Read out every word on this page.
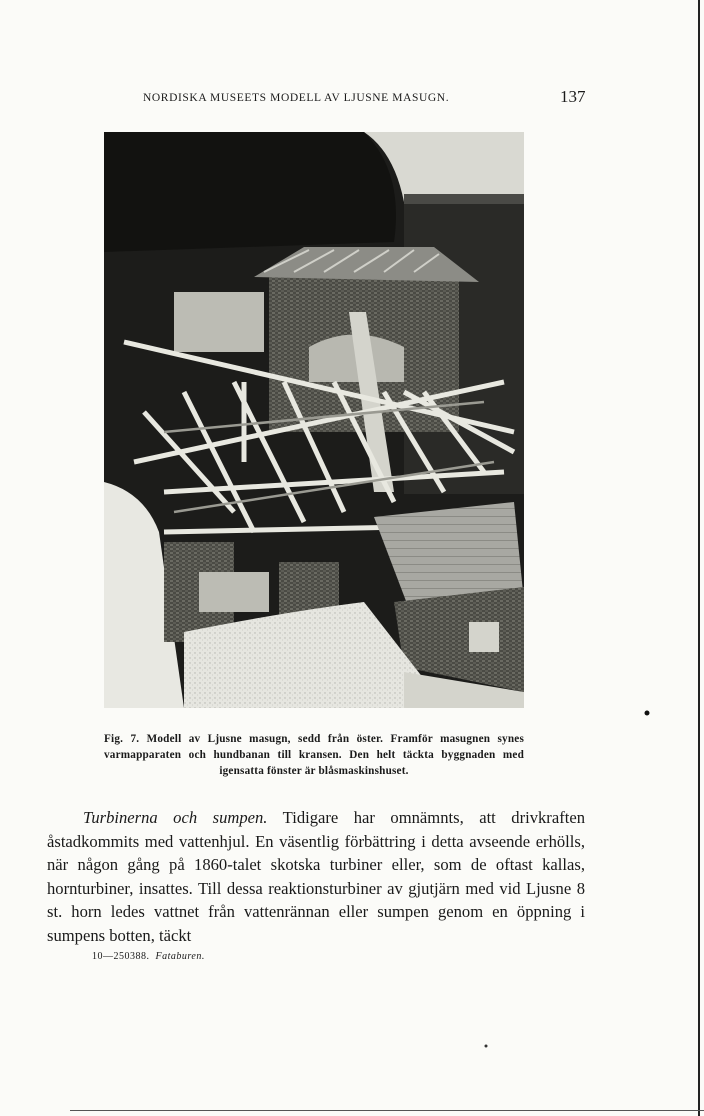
NORDISKA MUSEETS MODELL AV LJUSNE MASUGN.	137
Fig. 7. Modell av Ljusne masugn, sedd från öster. Framför masugnen synes varmapparaten och hundbanan till kransen. Den helt täckta byggnaden med igensatta fönster är blåsmaskinshuset.

Turbinerna och sumpen. Tidigare har omnämnts, att drivkraften åstadkommits med vattenhjul. En väsentlig förbättring i detta avseende erhölls, när någon gång på 1860-talet skotska turbiner eller, som de oftast kallas, hornturbiner, insattes. Till dessa reaktionsturbiner av gjutjärn med vid Ljusne 8 st. horn ledes vattnet från vattenrännan eller sumpen genom en öppning i sumpens botten, täckt

10—250388. Fataburen.
